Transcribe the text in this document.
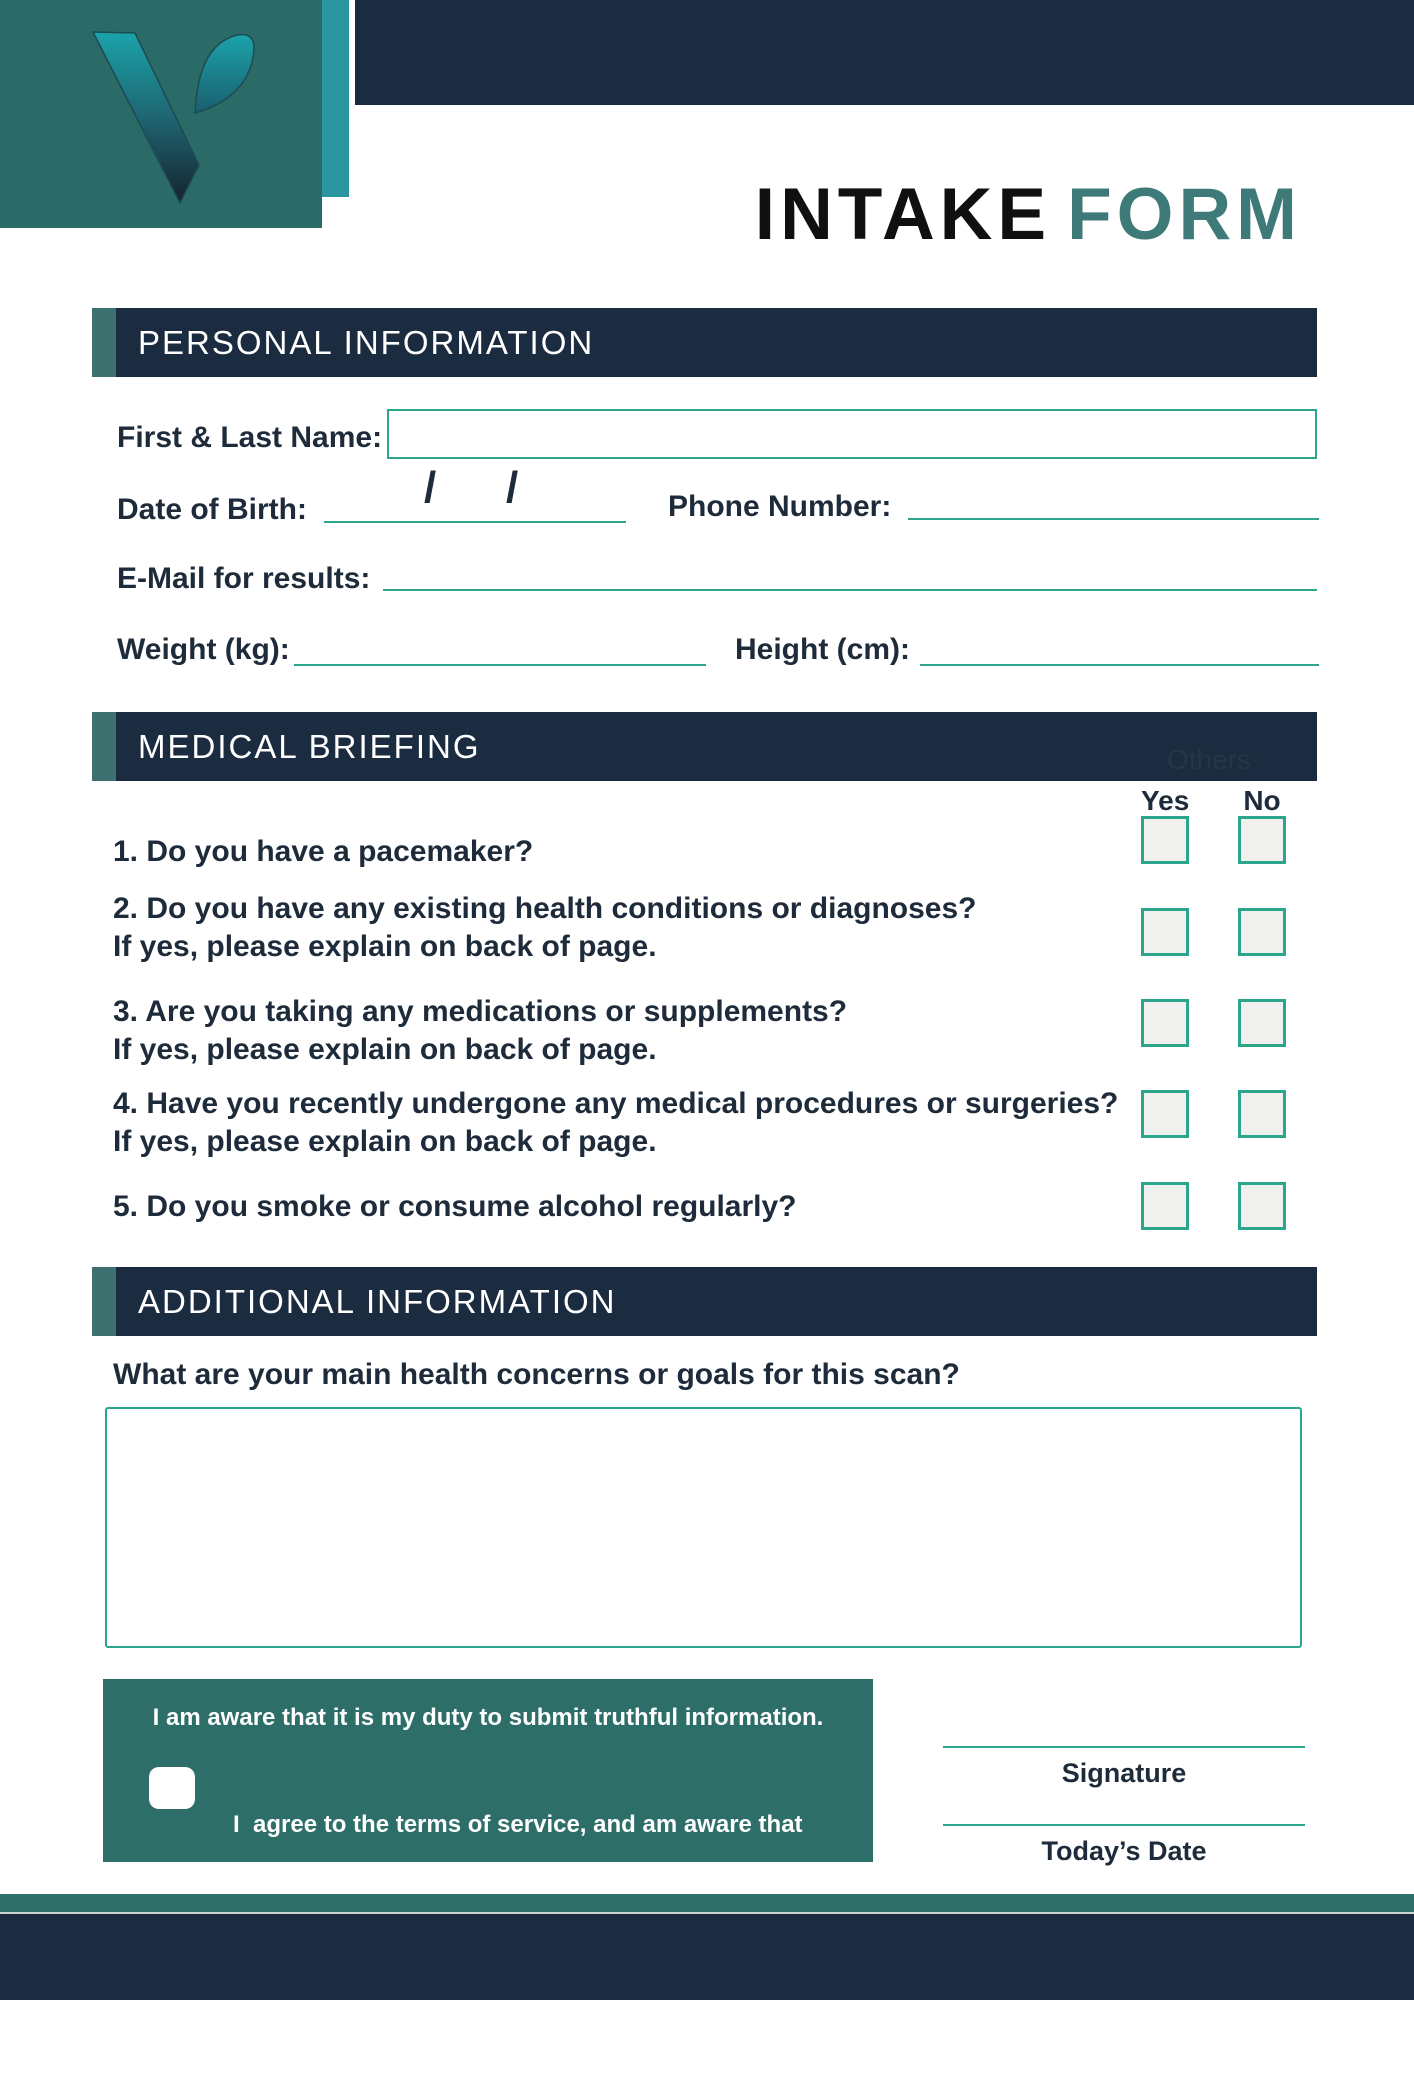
INTAKE FORM
PERSONAL INFORMATION
First & Last Name:
Date of Birth:	/ /	Phone Number:
E-Mail for results:
Weight (kg):	Height (cm):
MEDICAL BRIEFING	Others
Yes No
1. Do you have a pacemaker?
2. Do you have any existing health conditions or diagnoses?
If yes, please explain on back of page.
3. Are you taking any medications or supplements?
If yes, please explain on back of page.
4. Have you recently undergone any medical procedures or surgeries?
If yes, please explain on back of page.
5. Do you smoke or consume alcohol regularly?
ADDITIONAL INFORMATION
What are your main health concerns or goals for this scan?
I am aware that it is my duty to submit truthful information.

I  agree to the terms of service, and am aware that

meant for medical diagnosis.

Signature
Today’s Date
